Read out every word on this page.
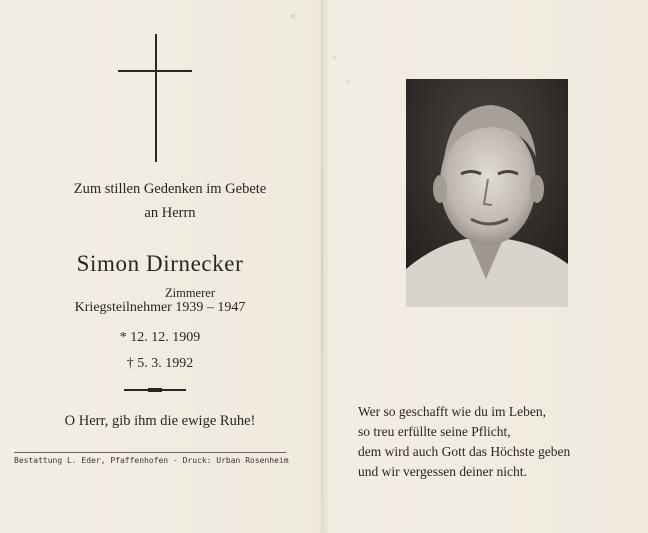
Zum stillen Gedenken im Gebete
an Herrn
Simon Dirnecker
Zimmerer
Kriegsteilnehmer 1939 – 1947
* 12. 12. 1909
† 5. 3. 1992
O Herr, gib ihm die ewige Ruhe!
Bestattung L. Eder, Pfaffenhofen - Druck: Urban Rosenheim
Wer so geschafft wie du im Leben,
so treu erfüllte seine Pflicht,
dem wird auch Gott das Höchste geben
und wir vergessen deiner nicht.
